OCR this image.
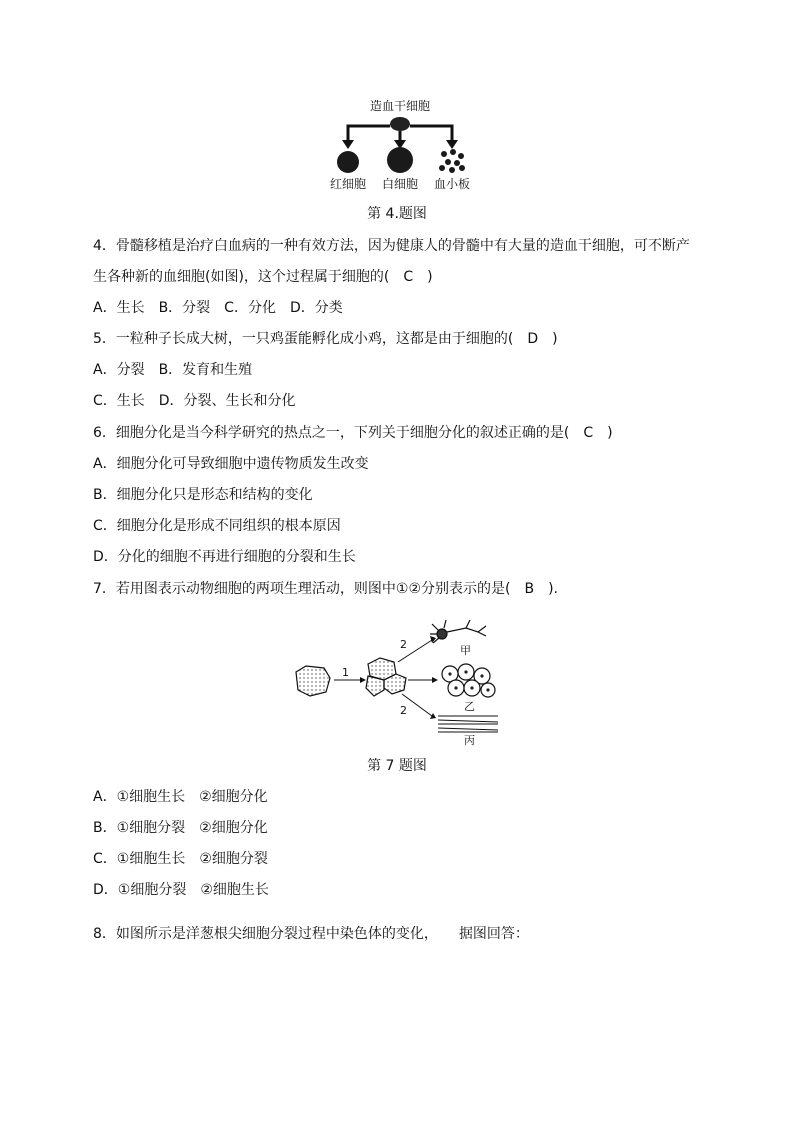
造血干细胞
红细胞 白细胞 血小板
第 4.题图
4．骨髓移植是治疗白血病的一种有效方法，因为健康人的骨髓中有大量的造血干细胞，可不断产
生各种新的血细胞(如图)，这个过程属于细胞的(　C　)
A．生长　B．分裂　C．分化　D．分类
5．一粒种子长成大树，一只鸡蛋能孵化成小鸡，这都是由于细胞的(　D　)
A．分裂　B．发育和生殖
C．生长　D．分裂、生长和分化
6．细胞分化是当今科学研究的热点之一，下列关于细胞分化的叙述正确的是(　C　)
A．细胞分化可导致细胞中遗传物质发生改变
B．细胞分化只是形态和结构的变化
C．细胞分化是形成不同组织的根本原因
D．分化的细胞不再进行细胞的分裂和生长
7．若用图表示动物细胞的两项生理活动，则图中①②分别表示的是(　B　).
1
2
2
甲
乙
丙
第 7 题图
A．①细胞生长　②细胞分化
B．①细胞分裂　②细胞分化
C．①细胞生长　②细胞分裂
D．①细胞分裂　②细胞生长
8．如图所示是洋葱根尖细胞分裂过程中染色体的变化，　　据图回答：
